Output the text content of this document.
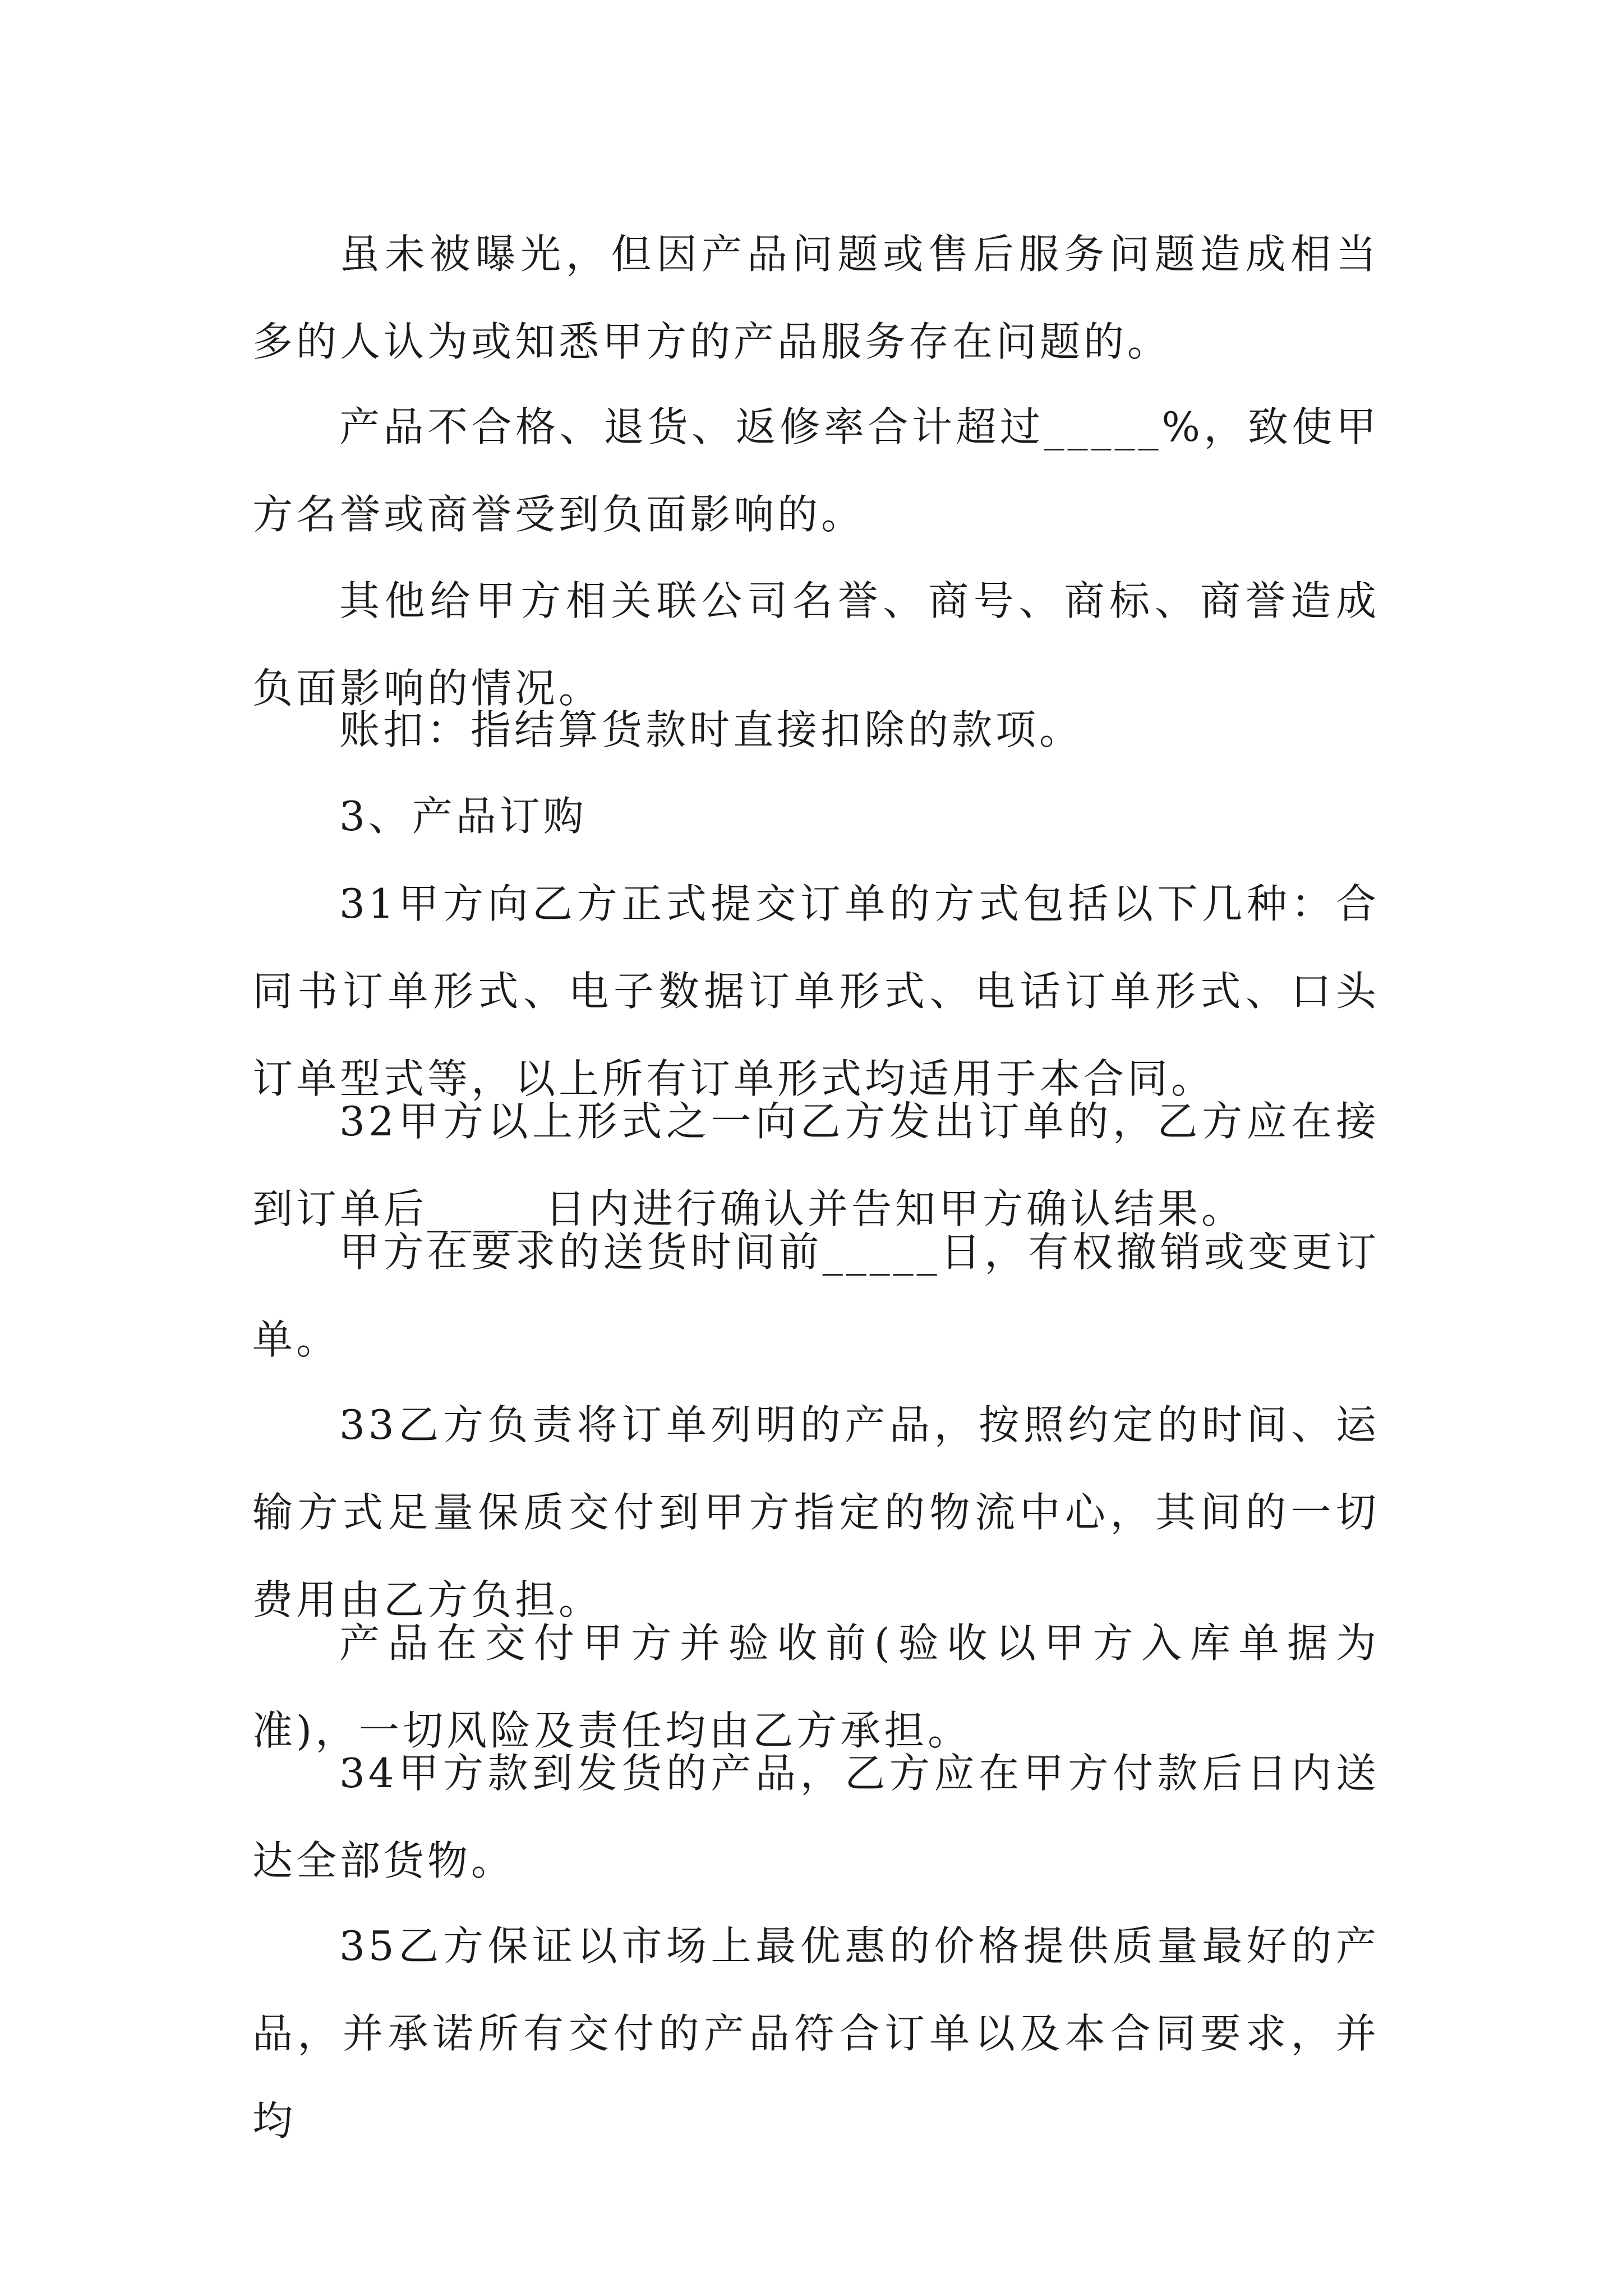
虽未被曝光，但因产品问题或售后服务问题造成相当多的人认为或知悉甲方的产品服务存在问题的。

产品不合格、退货、返修率合计超过_____%，致使甲方名誉或商誉受到负面影响的。

其他给甲方相关联公司名誉、商号、商标、商誉造成负面影响的情况。

账扣：指结算货款时直接扣除的款项。

3、产品订购

31甲方向乙方正式提交订单的方式包括以下几种：合同书订单形式、电子数据订单形式、电话订单形式、口头订单型式等，以上所有订单形式均适用于本合同。

32甲方以上形式之一向乙方发出订单的，乙方应在接到订单后_____日内进行确认并告知甲方确认结果。

甲方在要求的送货时间前_____日，有权撤销或变更订单。

33乙方负责将订单列明的产品，按照约定的时间、运输方式足量保质交付到甲方指定的物流中心，其间的一切费用由乙方负担。

产品在交付甲方并验收前(验收以甲方入库单据为准)，一切风险及责任均由乙方承担。

34甲方款到发货的产品，乙方应在甲方付款后日内送达全部货物。

35乙方保证以市场上最优惠的价格提供质量最好的产品，并承诺所有交付的产品符合订单以及本合同要求，并均
